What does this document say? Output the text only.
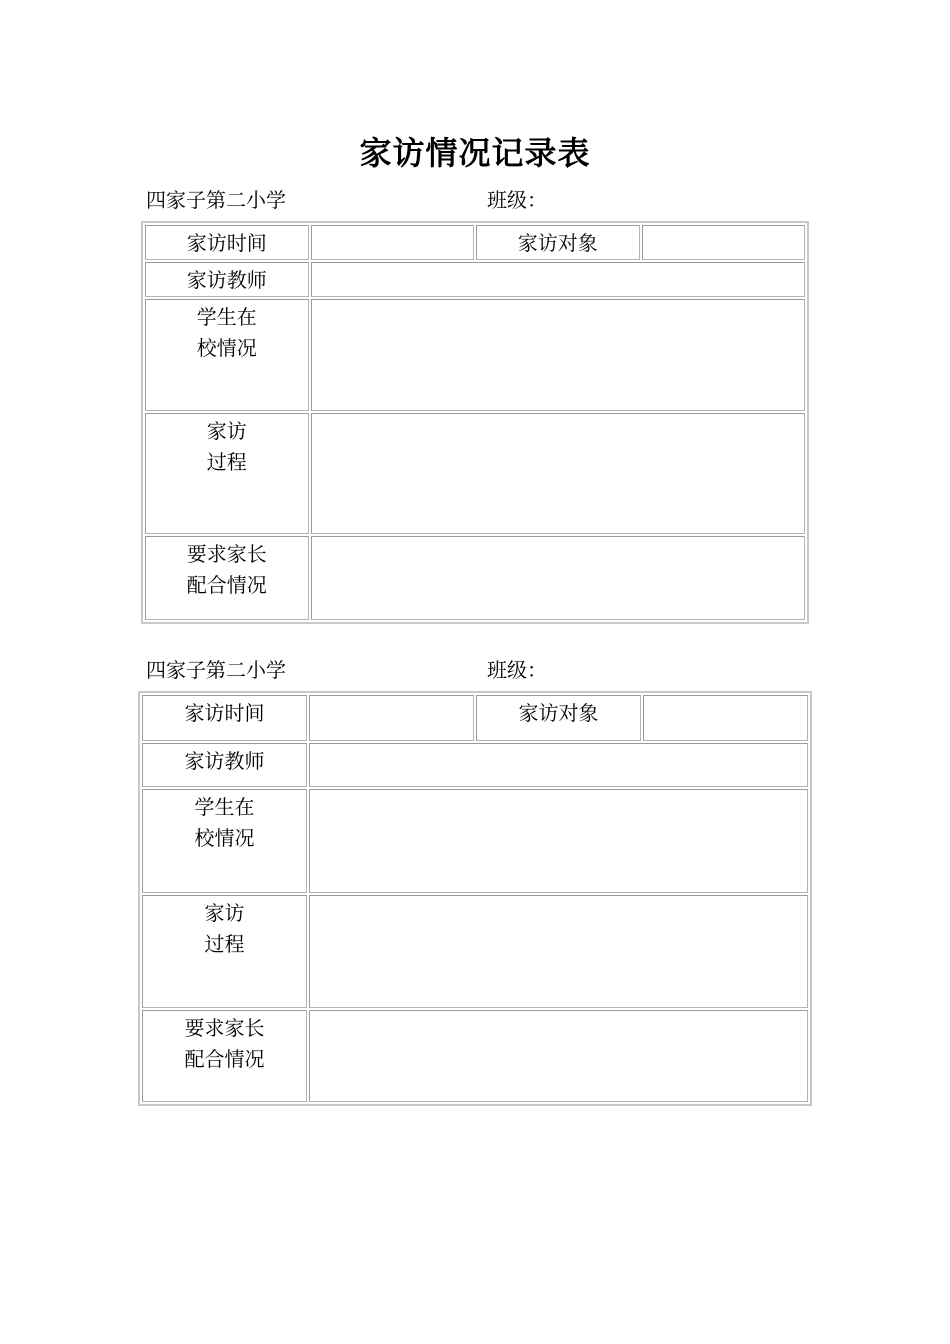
家访情况记录表
四家子第二小学	班级：
家访时间		家访对象	
家访教师			

学生在
校情况			

家访
过程			

要求家长
配合情况			

四家子第二小学	班级：
家访时间		家访对象	
家访教师			

学生在
校情况			

家访
过程			

要求家长
配合情况			
